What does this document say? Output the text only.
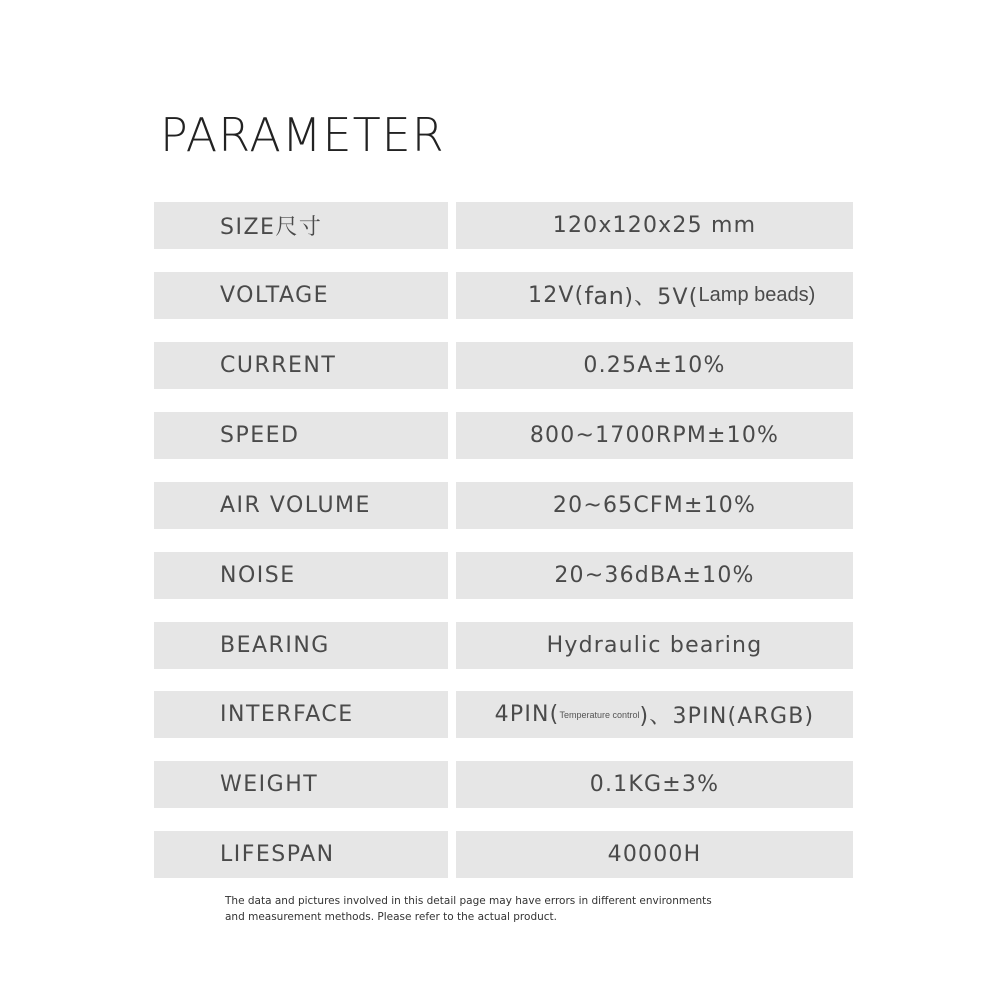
PARAMETER
SIZE尺寸	120x120x25 mm
VOLTAGE	12V( fan )、5V( Lamp beads)
CURRENT	0.25A±10%
SPEED	800~1700RPM±10%
AIR VOLUME	20~65CFM±10%
NOISE	20~36dBA±10%
BEARING	Hydraulic bearing
INTERFACE	4PIN( Temperature control )、3PIN(ARGB)
WEIGHT	0.1KG±3%
LIFESPAN	40000H
The data and pictures involved in this detail page may have errors in different environments
and measurement methods. Please refer to the actual product.
